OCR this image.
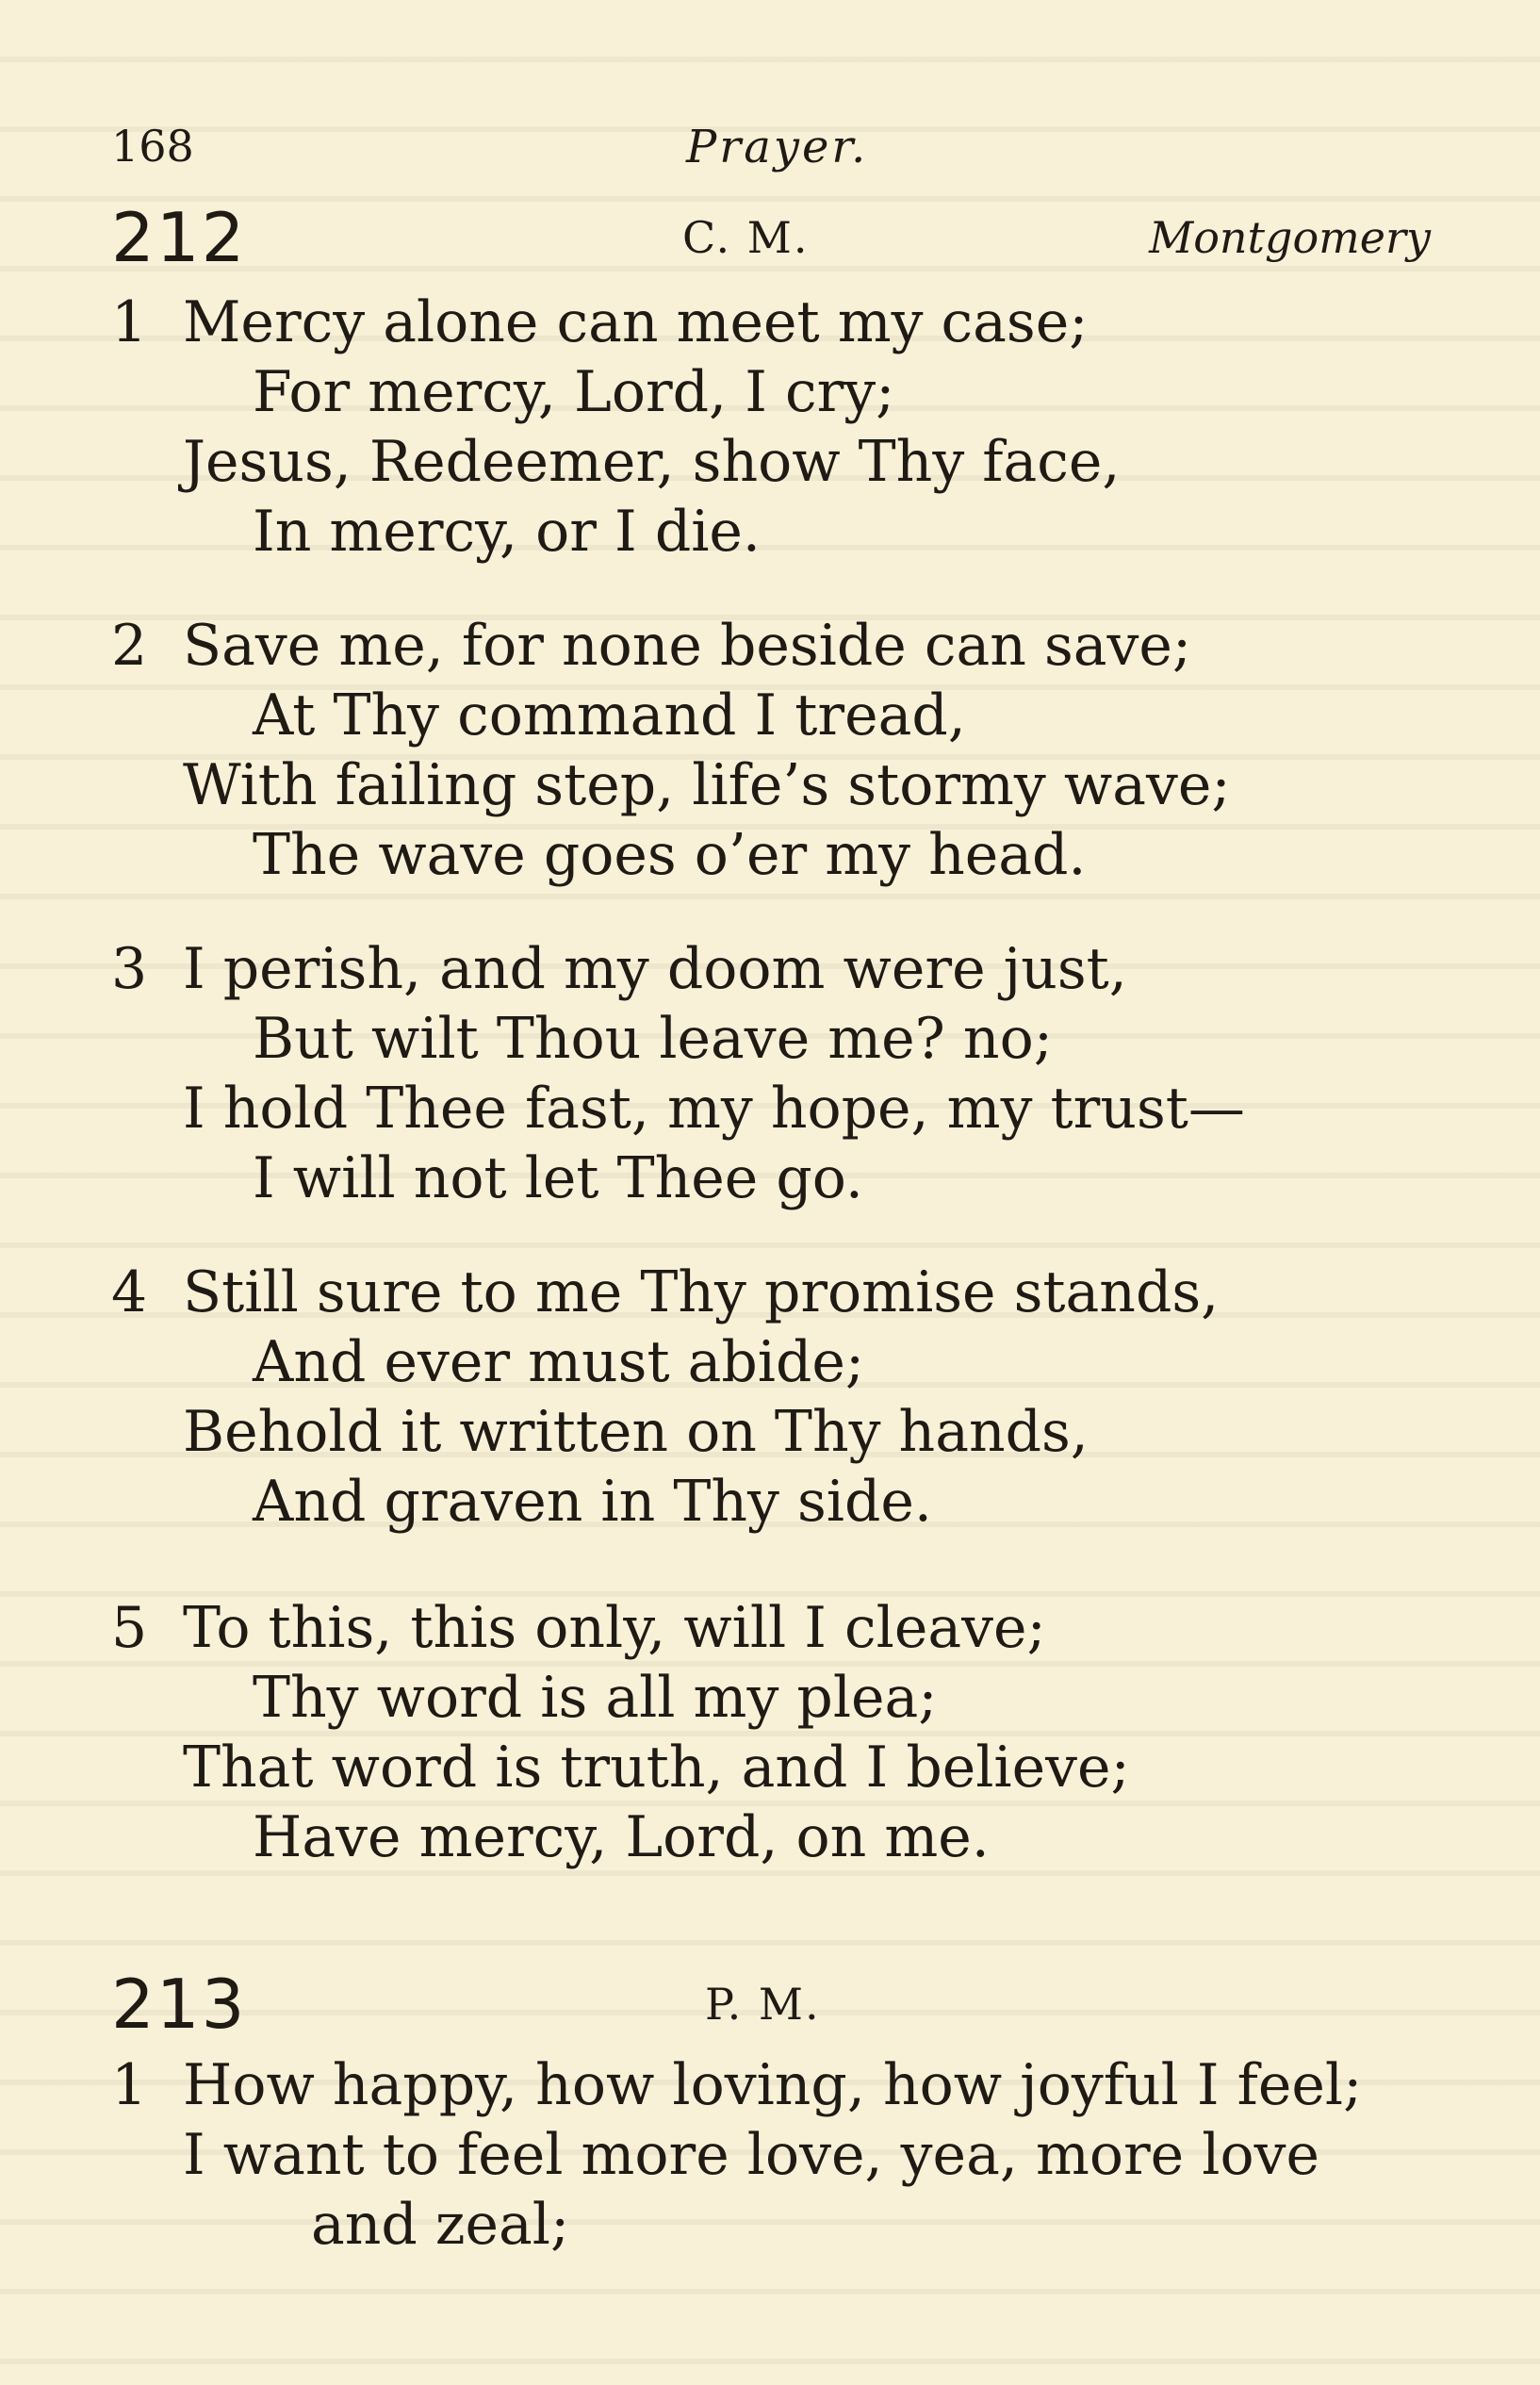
168	Prayer.
212	C. M.	Montgomery
1 Mercy alone can meet my case;
For mercy, Lord, I cry;
Jesus, Redeemer, show Thy face,
In mercy, or I die.
2 Save me, for none beside can save;
At Thy command I tread,
With failing step, life’s stormy wave;
The wave goes o’er my head.
3 I perish, and my doom were just,
But wilt Thou leave me? no;
I hold Thee fast, my hope, my trust—
I will not let Thee go.
4 Still sure to me Thy promise stands,
And ever must abide;
Behold it written on Thy hands,
And graven in Thy side.
5 To this, this only, will I cleave;
Thy word is all my plea;
That word is truth, and I believe;
Have mercy, Lord, on me.
213	P. M.
1 How happy, how loving, how joyful I feel;
I want to feel more love, yea, more love
and zeal;
